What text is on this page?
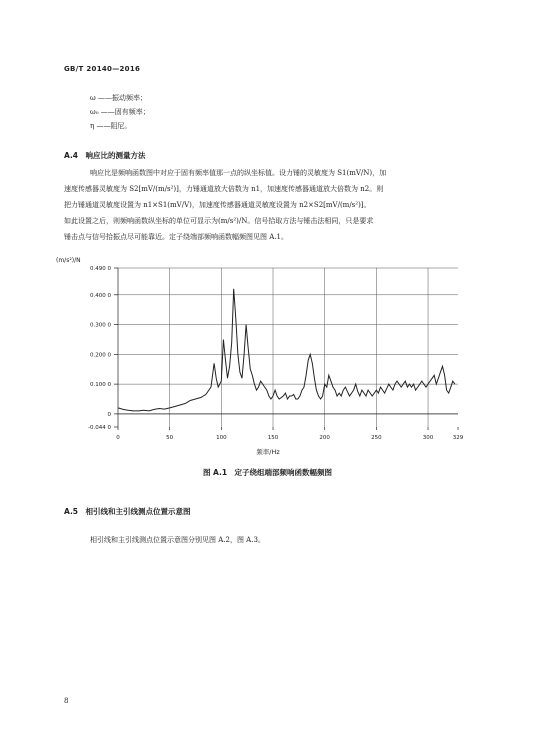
GB/T 20140—2016
ω ——振动频率；
ω₀ ——固有频率；
η ——阻尼。
A.4　响应比的测量方法

响应比是频响函数图中对应于固有频率值那一点的纵坐标值。设力锤的灵敏度为 S1(mV/N)，加

速度传感器灵敏度为 S2[mV/(m/s²)]，力锤通道放大倍数为 n1，加速度传感器通道放大倍数为 n2。则

把力锤通道灵敏度设置为 n1×S1(mV/V)，加速度传感器通道灵敏度设置为 n2×S2[mV/(m/s²)]。

如此设置之后，则频响函数纵坐标的单位可显示为(m/s²)/N。信号拾取方法与锤击法相同，只是要求

锤击点与信号拾振点尽可能靠近。定子绕端部频响函数幅频图见图 A.1。

-0.044 0
0
0.100 0
0.200 0
0.300 0
0.400 0
0.490 0
0	50	100	150	200	250	300	329
(m/s²)/N
频率/Hz
图 A.1　定子绕组端部频响函数幅频图
A.5　相引线和主引线测点位置示意图
相引线和主引线测点位置示意图分别见图 A.2，图 A.3。
8
